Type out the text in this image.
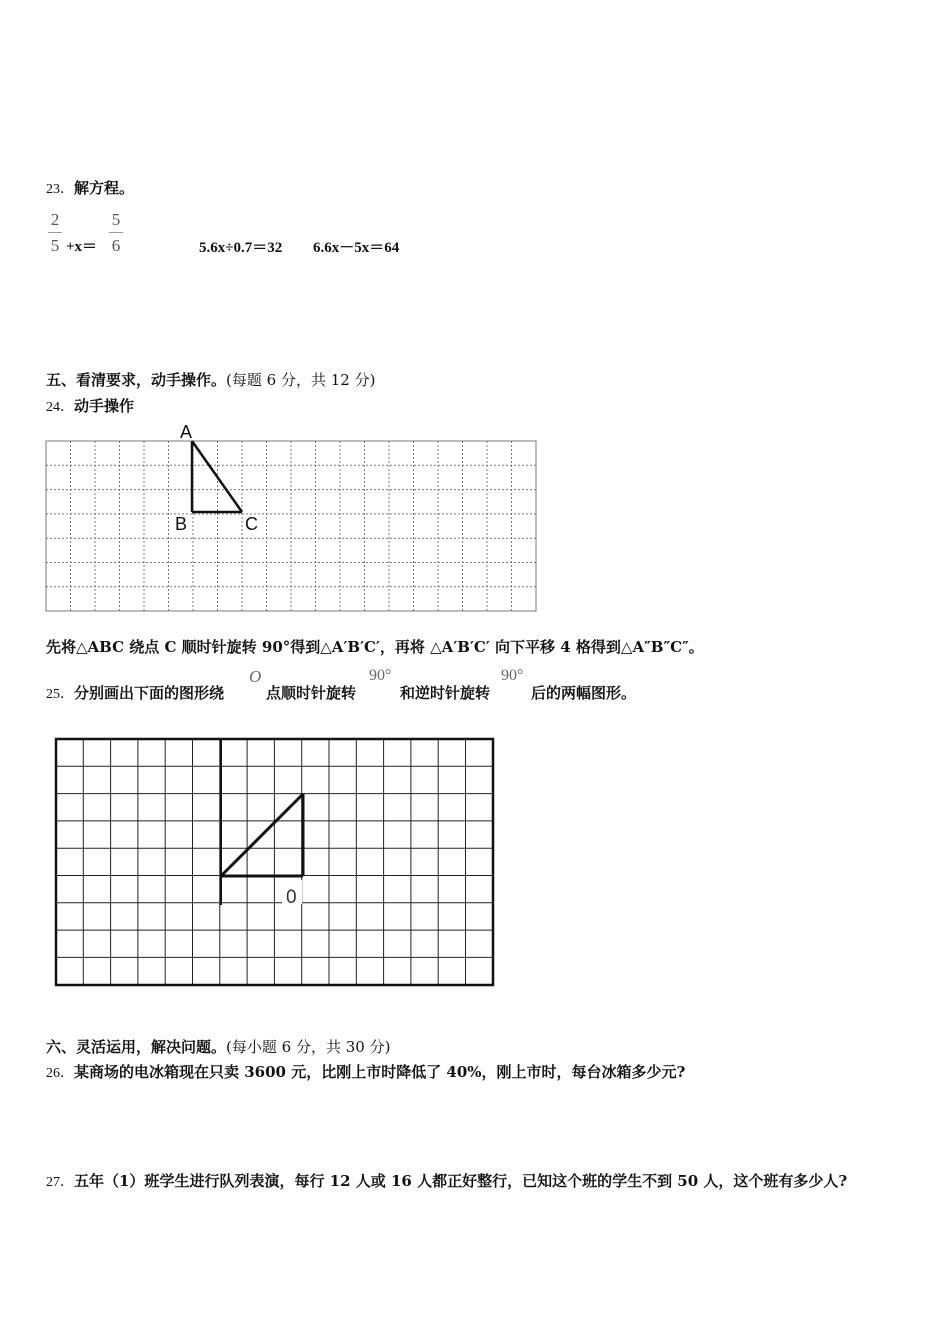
23．解方程。
2
5 +x＝
5
6	5.6x÷0.7＝32 6.6x－5x＝64
五、看清要求，动手操作。(每题 6 分，共 12 分)
24．动手操作
A
B	C
0
先将△ABC 绕点 C 顺时针旋转 90°得到△A′B′C′，再将 △A′B′C′ 向下平移 4 格得到△A″B″C″。
25．分别画出下面的图形绕
O
点顺时针旋转
90°
和逆时针旋转
90°
后的两幅图形。
六、灵活运用，解决问题。(每小题 6 分，共 30 分)
26．某商场的电冰箱现在只卖 3600 元，比刚上市时降低了 40%，刚上市时，每台冰箱多少元?
27．五年（1）班学生进行队列表演，每行 12 人或 16 人都正好整行，已知这个班的学生不到 50 人，这个班有多少人?
